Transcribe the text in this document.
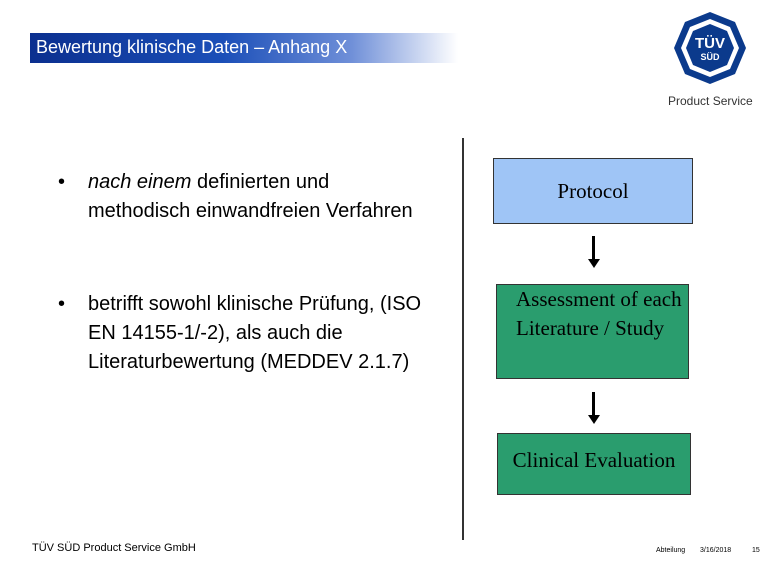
Bewertung klinische Daten – Anhang X	TÜV
SÜD
Product Service
• nach einem definierten und methodisch einwandfreien Verfahren
• betrifft sowohl klinische Prüfung, (ISO EN 14155-1/-2), als auch die Literaturbewertung (MEDDEV 2.1.7)
Protocol
Assessment of each Literature / Study
Clinical Evaluation
TÜV SÜD Product Service GmbH	Abteilung 3/16/2018	15
